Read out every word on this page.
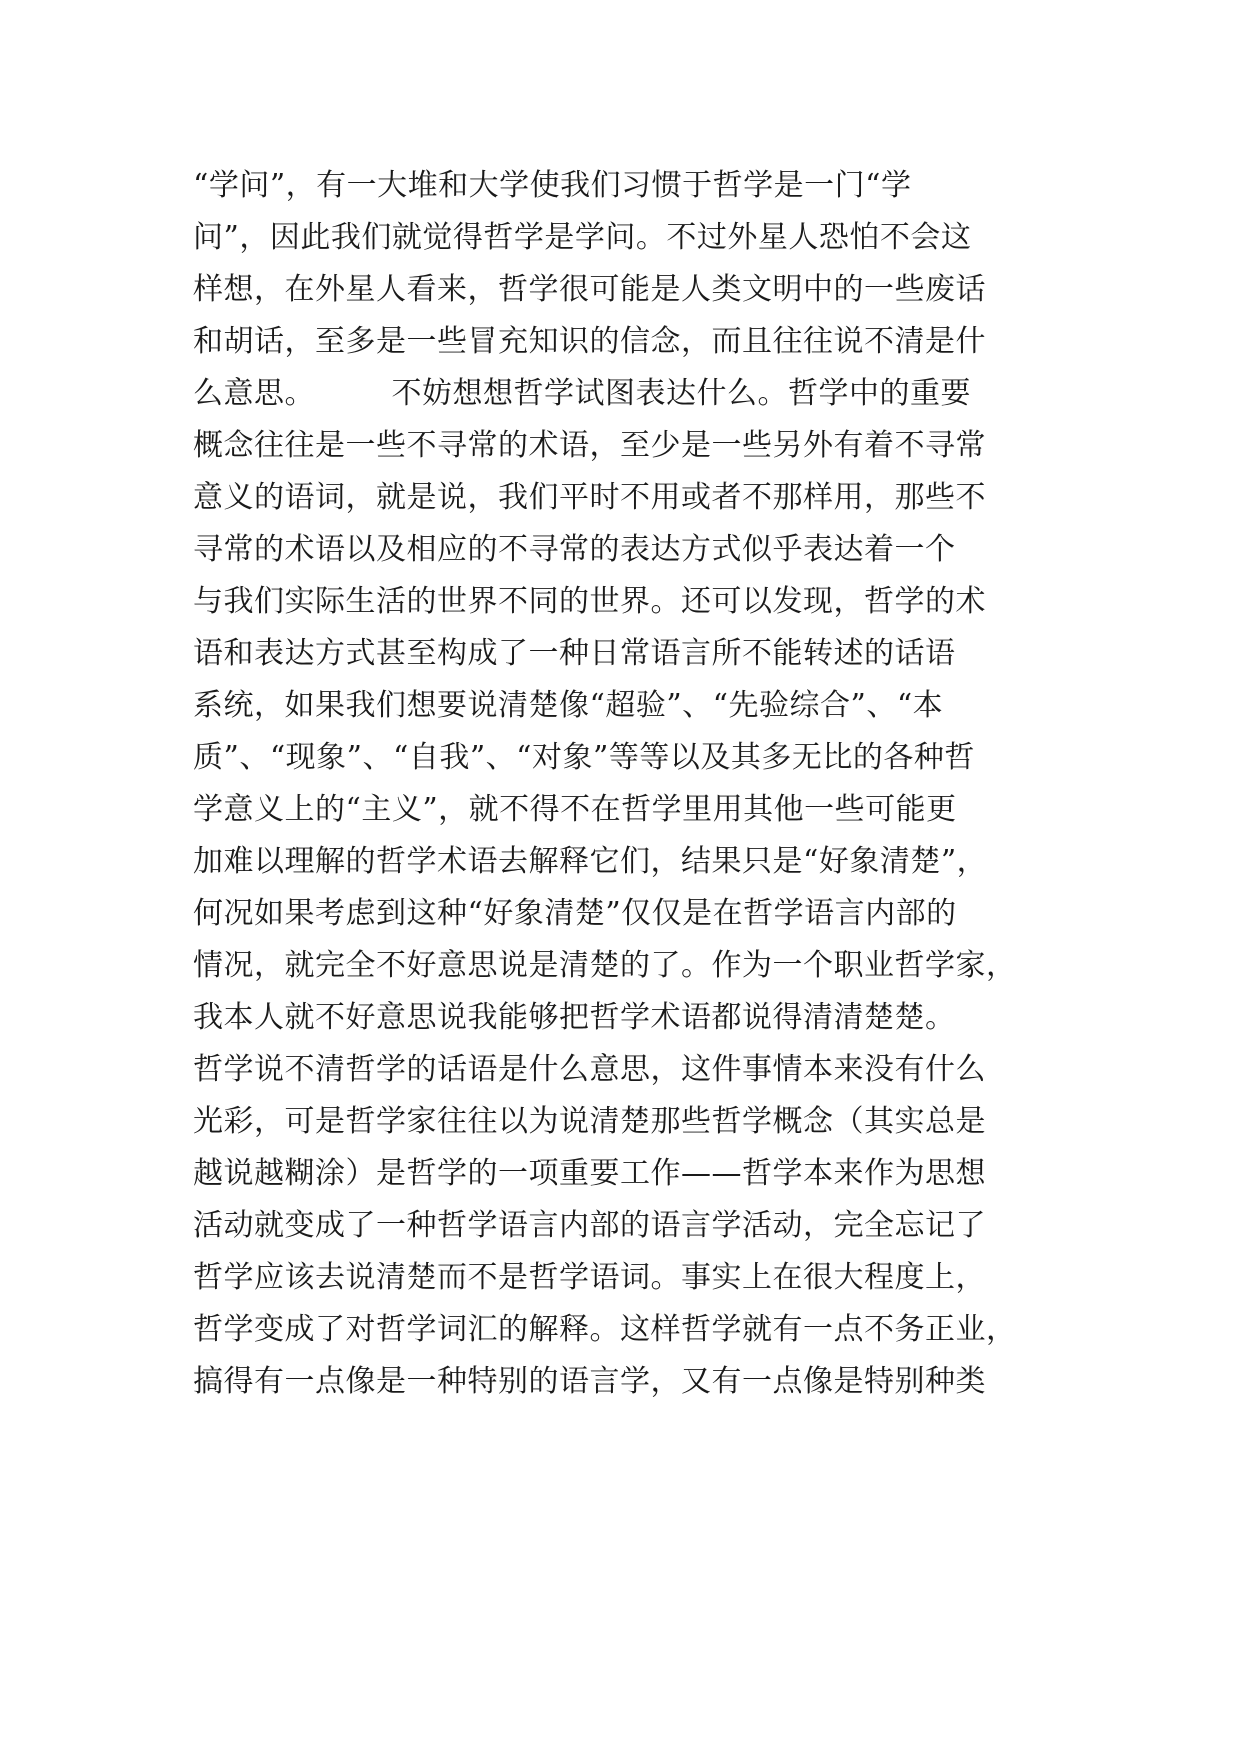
“学问”，有一大堆和大学使我们习惯于哲学是一门“学
问”，因此我们就觉得哲学是学问。不过外星人恐怕不会这
样想，在外星人看来，哲学很可能是人类文明中的一些废话
和胡话，至多是一些冒充知识的信念，而且往往说不清是什
么意思。　　　不妨想想哲学试图表达什么。哲学中的重要
概念往往是一些不寻常的术语，至少是一些另外有着不寻常
意义的语词，就是说，我们平时不用或者不那样用，那些不
寻常的术语以及相应的不寻常的表达方式似乎表达着一个
与我们实际生活的世界不同的世界。还可以发现，哲学的术
语和表达方式甚至构成了一种日常语言所不能转述的话语
系统，如果我们想要说清楚像“超验”、“先验综合”、“本
质”、“现象”、“自我”、“对象”等等以及其多无比的各种哲
学意义上的“主义”，就不得不在哲学里用其他一些可能更
加难以理解的哲学术语去解释它们，结果只是“好象清楚”，
何况如果考虑到这种“好象清楚”仅仅是在哲学语言内部的
情况，就完全不好意思说是清楚的了。作为一个职业哲学家，
我本人就不好意思说我能够把哲学术语都说得清清楚楚。
哲学说不清哲学的话语是什么意思，这件事情本来没有什么
光彩，可是哲学家往往以为说清楚那些哲学概念（其实总是
越说越糊涂）是哲学的一项重要工作——哲学本来作为思想
活动就变成了一种哲学语言内部的语言学活动，完全忘记了
哲学应该去说清楚而不是哲学语词。事实上在很大程度上，
哲学变成了对哲学词汇的解释。这样哲学就有一点不务正业，
搞得有一点像是一种特别的语言学，又有一点像是特别种类
